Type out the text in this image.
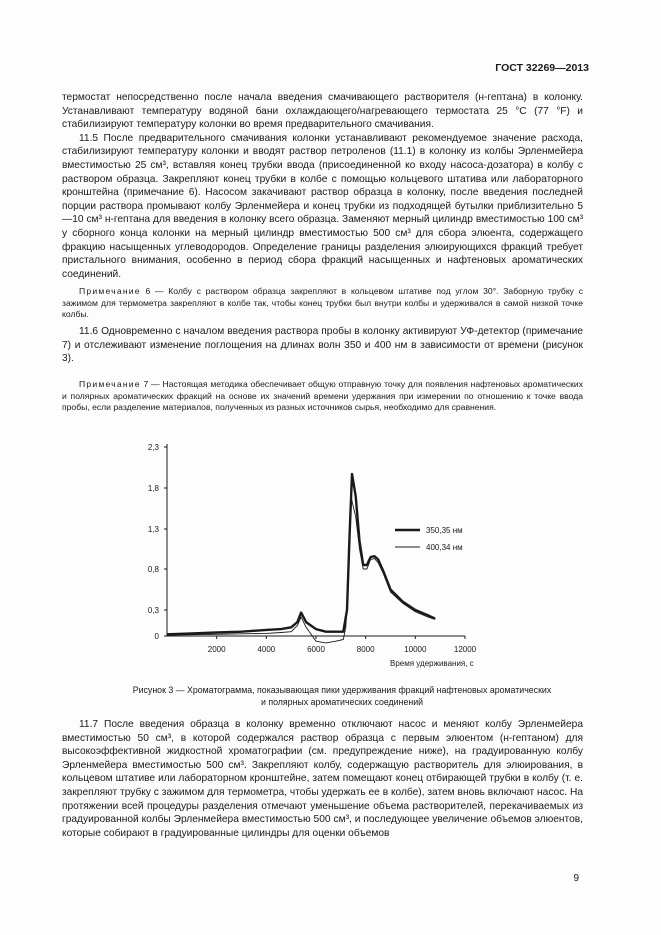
ГОСТ 32269—2013

термостат непосредственно после начала введения смачивающего растворителя (н-гептана) в колонку. Устанавливают температуру водяной бани охлаждающего/нагревающего термостата 25 °С (77 °F) и стабилизируют температуру колонки во время предварительного смачивания.

11.5 После предварительного смачивания колонки устанавливают рекомендуемое значение расхода, стабилизируют температуру колонки и вводят раствор петроленов (11.1) в колонку из колбы Эрленмейера вместимостью 25 см³, вставляя конец трубки ввода (присоединенной ко входу насоса-дозатора) в колбу с раствором образца. Закрепляют конец трубки в колбе с помощью кольцевого штатива или лабораторного кронштейна (примечание 6). Насосом закачивают раствор образца в колонку, после введения последней порции раствора промывают колбу Эрленмейера и конец трубки из подходящей бутылки приблизительно 5—10 см³ н-гептана для введения в колонку всего образца. Заменяют мерный цилиндр вместимостью 100 см³ у сборного конца колонки на мерный цилиндр вместимостью 500 см³ для сбора элюента, содержащего фракцию насыщенных углеводородов. Определение границы разделения элюирующихся фракций требует пристального внимания, особенно в период сбора фракций насыщенных и нафтеновых ароматических соединений.

Примечание 6 — Колбу с раствором образца закрепляют в кольцевом штативе под углом 30°. Заборную трубку с зажимом для термометра закрепляют в колбе так, чтобы конец трубки был внутри колбы и удерживался в самой низкой точке колбы.

11.6 Одновременно с началом введения раствора пробы в колонку активируют УФ-детектор (примечание 7) и отслеживают изменение поглощения на длинах волн 350 и 400 нм в зависимости от времени (рисунок 3).

Примечание 7 — Настоящая методика обеспечивает общую отправную точку для появления нафтеновых ароматических и полярных ароматических фракций на основе их значений времени удержания при измерении по отношению к точке ввода пробы, если разделение материалов, полученных из разных источников сырья, необходимо для сравнения.

0
0,3
0,8
1,3
1,8
2,3
2000	4000	6000	8000	10000	12000
350,35 нм
400,34 нм
Время удерживания, с
Рисунок 3 — Хроматограмма, показывающая пики удерживания фракций нафтеновых ароматических
и полярных ароматических соединений

11.7 После введения образца в колонку временно отключают насос и меняют колбу Эрленмейера вместимостью 50 см³, в которой содержался раствор образца с первым элюентом (н-гептаном) для высокоэффективной жидкостной хроматографии (см. предупреждение ниже), на градуированную колбу Эрленмейера вместимостью 500 см³. Закрепляют колбу, содержащую растворитель для элюирования, в кольцевом штативе или лабораторном кронштейне, затем помещают конец отбирающей трубки в колбу (т. е. закрепляют трубку с зажимом для термометра, чтобы удержать ее в колбе), затем вновь включают насос. На протяжении всей процедуры разделения отмечают уменьшение объема растворителей, перекачиваемых из градуированной колбы Эрленмейера вместимостью 500 см³, и последующее увеличение объемов элюентов, которые собирают в градуированные цилиндры для оценки объемов

9
